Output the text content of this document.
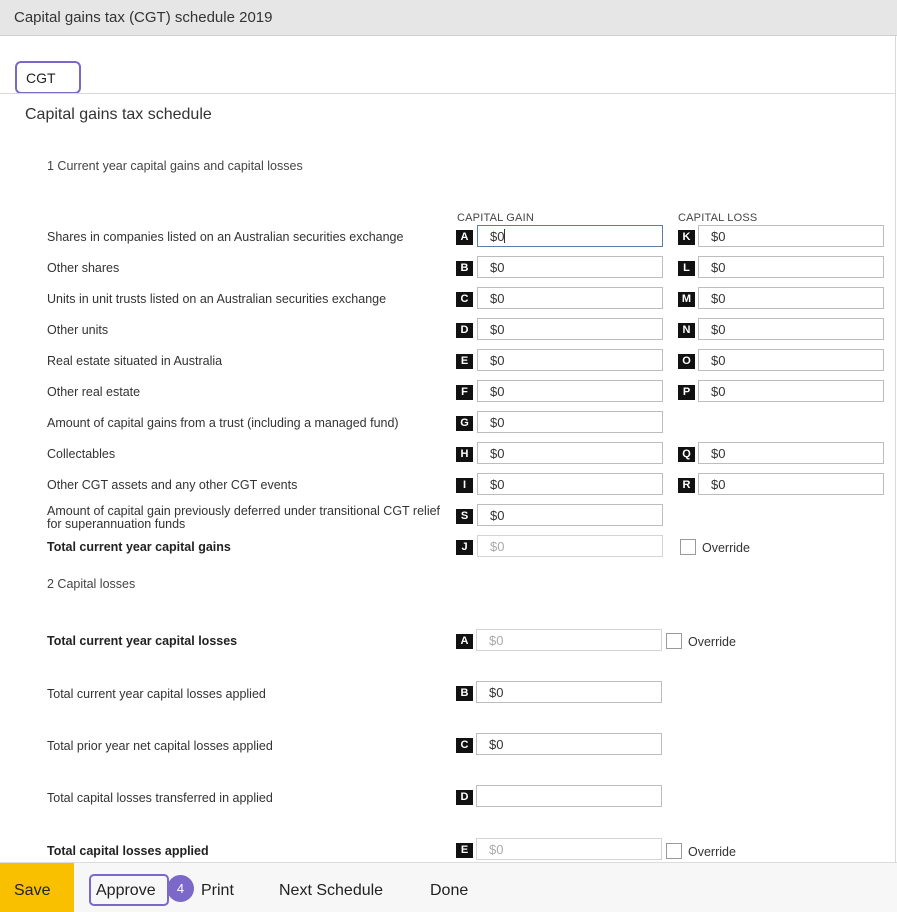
Capital gains tax (CGT) schedule 2019
CGT
Capital gains tax schedule
1 Current year capital gains and capital losses
CAPITAL GAIN	CAPITAL LOSS
Shares in companies listed on an Australian securities exchange	A	$0	K	$0
Other shares	B	$0	L	$0
Units in unit trusts listed on an Australian securities exchange	C	$0	M	$0
Other units	D	$0	N	$0
Real estate situated in Australia	E	$0	O	$0
Other real estate	F	$0	P	$0
Amount of capital gains from a trust (including a managed fund)	G	$0
Collectables	H	$0	Q	$0
Other CGT assets and any other CGT events	I	$0	R	$0
Amount of capital gain previously deferred under transitional CGT relief for superannuation funds
S	$0
Total current year capital gains	J	$0	Override
2 Capital losses
Total current year capital losses	A	$0	Override
Total current year capital losses applied	B	$0
Total prior year net capital losses applied	C	$0
Total capital losses transferred in applied	D
Total capital losses applied	E	$0	Override
Save	Approve	4	Print	Next Schedule	Done
